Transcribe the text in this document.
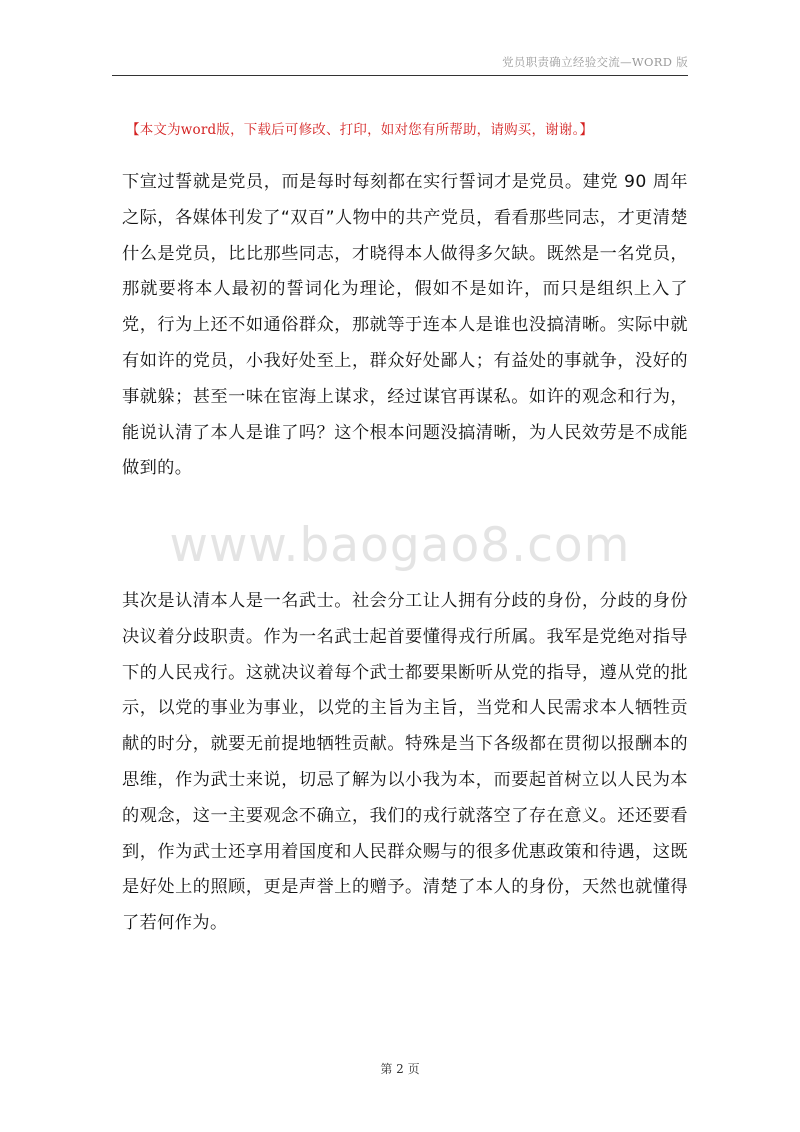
党员职责确立经验交流—WORD 版
【本文为word版，下载后可修改、打印，如对您有所帮助，请购买，谢谢。】

下宣过誓就是党员，而是每时每刻都在实行誓词才是党员。建党 90 周年之际，各媒体刊发了“双百”人物中的共产党员，看看那些同志，才更清楚什么是党员，比比那些同志，才晓得本人做得多欠缺。既然是一名党员，那就要将本人最初的誓词化为理论，假如不是如许，而只是组织上入了党，行为上还不如通俗群众，那就等于连本人是谁也没搞清晰。实际中就有如许的党员，小我好处至上，群众好处鄙人；有益处的事就争，没好的事就躲；甚至一味在宦海上谋求，经过谋官再谋私。如许的观念和行为，能说认清了本人是谁了吗？这个根本问题没搞清晰，为人民效劳是不成能做到的。

www.baogao8.com

其次是认清本人是一名武士。社会分工让人拥有分歧的身份，分歧的身份决议着分歧职责。作为一名武士起首要懂得戎行所属。我军是党绝对指导下的人民戎行。这就决议着每个武士都要果断听从党的指导，遵从党的批示，以党的事业为事业，以党的主旨为主旨，当党和人民需求本人牺牲贡献的时分，就要无前提地牺牲贡献。特殊是当下各级都在贯彻以报酬本的思维，作为武士来说，切忌了解为以小我为本，而要起首树立以人民为本的观念，这一主要观念不确立，我们的戎行就落空了存在意义。还还要看到，作为武士还享用着国度和人民群众赐与的很多优惠政策和待遇，这既是好处上的照顾，更是声誉上的赠予。清楚了本人的身份，天然也就懂得了若何作为。

第 2 页
